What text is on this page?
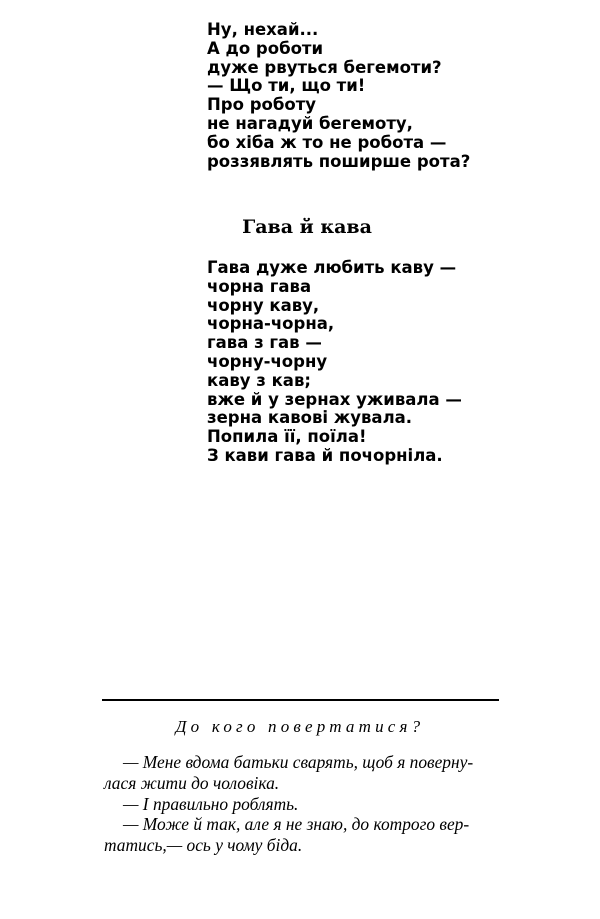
Ну, нехай...
А до роботи
дуже рвуться бегемоти?
— Що ти, що ти!
Про роботу
не нагадуй бегемоту,
бо хіба ж то не робота —
роззявлять поширше рота?
Гава й кава
Гава дуже любить каву —
чорна гава
чорну каву,
чорна-чорна,
гава з гав —
чорну-чорну
каву з кав;
вже й у зернах уживала —
зерна кавові жувала.
Попила її, поїла!
З кави гава й почорніла.
До кого повертатися?
— Мене вдома батьки сварять, щоб я поверну-
лася жити до чоловіка.
— І правильно роблять.
— Може й так, але я не знаю, до котрого вер-
татись,— ось у чому біда.
